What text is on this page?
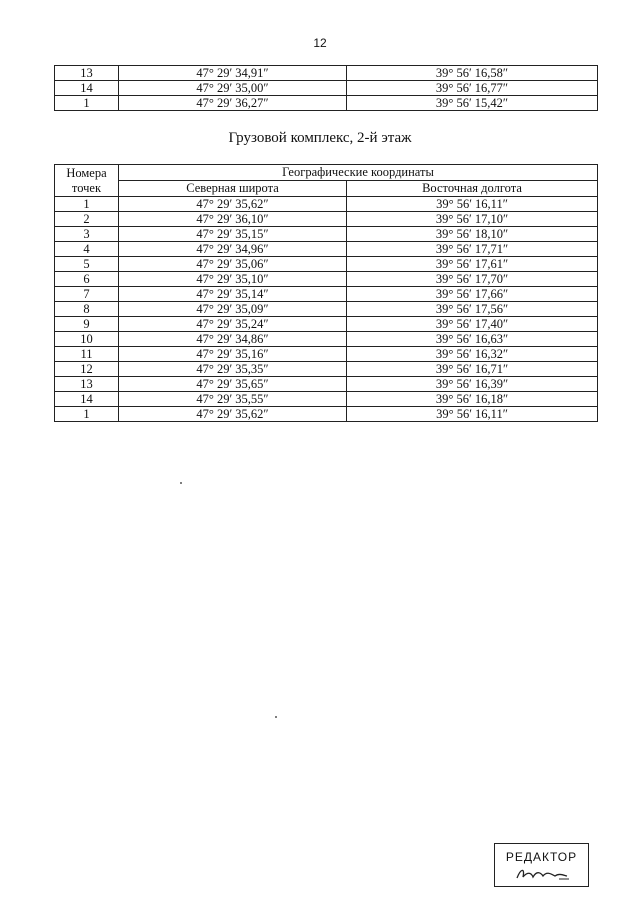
12
13	47° 29′ 34,91″	39° 56′ 16,58″
14	47° 29′ 35,00″	39° 56′ 16,77″
1	47° 29′ 36,27″	39° 56′ 15,42″
Грузовой комплекс, 2-й этаж
Номера точек	Географические координаты	
	Северная широта	Восточная долгота
1	47° 29′ 35,62″	39° 56′ 16,11″
2	47° 29′ 36,10″	39° 56′ 17,10″
3	47° 29′ 35,15″	39° 56′ 18,10″
4	47° 29′ 34,96″	39° 56′ 17,71″
5	47° 29′ 35,06″	39° 56′ 17,61″
6	47° 29′ 35,10″	39° 56′ 17,70″
7	47° 29′ 35,14″	39° 56′ 17,66″
8	47° 29′ 35,09″	39° 56′ 17,56″
9	47° 29′ 35,24″	39° 56′ 17,40″
10	47° 29′ 34,86″	39° 56′ 16,63″
11	47° 29′ 35,16″	39° 56′ 16,32″
12	47° 29′ 35,35″	39° 56′ 16,71″
13	47° 29′ 35,65″	39° 56′ 16,39″
14	47° 29′ 35,55″	39° 56′ 16,18″
1	47° 29′ 35,62″	39° 56′ 16,11″
РЕДАКТОР
